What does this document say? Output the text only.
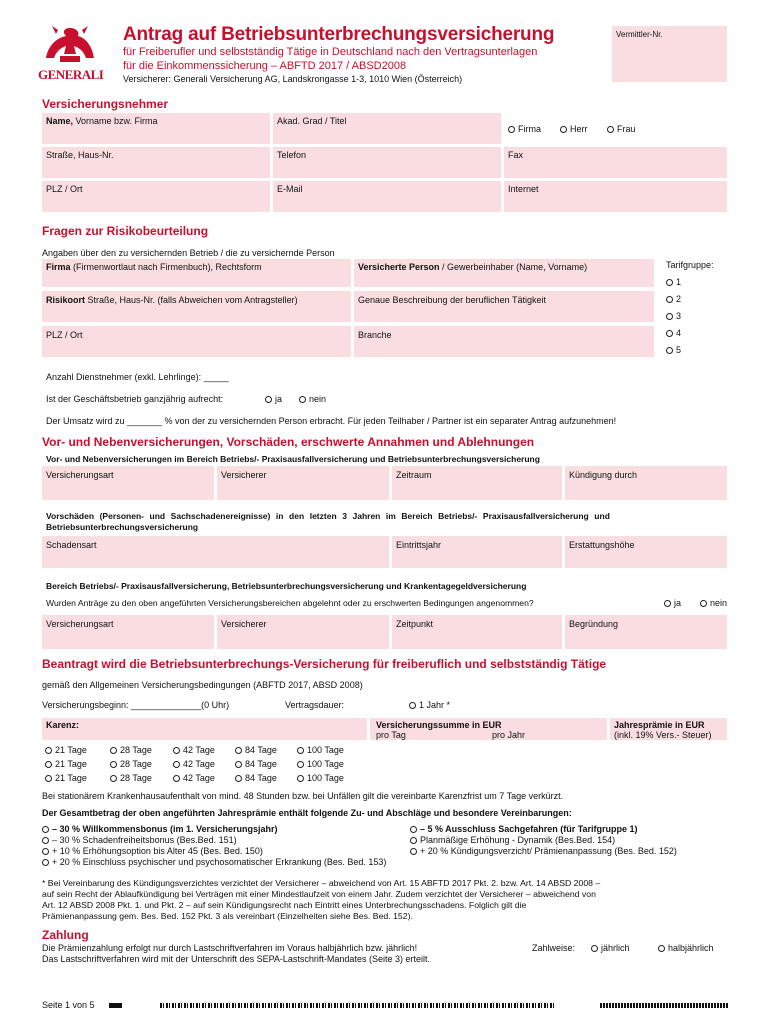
GENERALI
Antrag auf Betriebsunterbrechungsversicherung
für Freiberufler und selbstständig Tätige in Deutschland nach den Vertragsunterlagen
für die Einkommenssicherung – ABFTD 2017 / ABSD2008
Versicherer: Generali Versicherung AG, Landskrongasse 1-3, 1010 Wien (Österreich)
Vermittler-Nr.
Versicherungsnehmer
Name, Vorname bzw. Firma	Akad. Grad / Titel
Firma	Herr	Frau
Straße, Haus-Nr.	Telefon	Fax
PLZ / Ort	E-Mail	Internet
Fragen zur Risikobeurteilung
Angaben über den zu versichernden Betrieb / die zu versichernde Person
Firma (Firmenwortlaut nach Firmenbuch), Rechtsform	Versicherte Person / Gewerbeinhaber (Name, Vorname)	Tarifgruppe:
1
2
3
4
5
Risikoort Straße, Haus-Nr. (falls Abweichen vom Antragsteller)	Genaue Beschreibung der beruflichen Tätigkeit
PLZ / Ort	Branche
Anzahl Dienstnehmer (exkl. Lehrlinge): _____
Ist der Geschäftsbetrieb ganzjährig aufrecht:	ja	nein
Der Umsatz wird zu _______ % von der zu versichernden Person erbracht. Für jeden Teilhaber / Partner ist ein separater Antrag aufzunehmen!
Vor- und Nebenversicherungen, Vorschäden, erschwerte Annahmen und Ablehnungen
Vor- und Nebenversicherungen im Bereich Betriebs/- Praxisausfallversicherung und Betriebsunterbrechungsversicherung
Versicherungsart	Versicherer	Zeitraum	Kündigung durch
Vorschäden (Personen- und Sachschadenereignisse) in den letzten 3 Jahren im Bereich Betriebs/- Praxisausfallversicherung und
Betriebsunterbrechungsversicherung
Schadensart	Eintrittsjahr	Erstattungshöhe
Bereich Betriebs/- Praxisausfallversicherung, Betriebsunterbrechungsversicherung und Krankentagegeldversicherung
Wurden Anträge zu den oben angeführten Versicherungsbereichen abgelehnt oder zu erschwerten Bedingungen angenommen?	ja	nein
Versicherungsart	Versicherer	Zeitpunkt	Begründung
Beantragt wird die Betriebsunterbrechungs-Versicherung für freiberuflich und selbstständig Tätige
gemäß den Allgemeinen Versicherungsbedingungen (ABFTD 2017, ABSD 2008)
Versicherungsbeginn: ______________(0 Uhr)	Vertragsdauer:	1 Jahr *
Karenz:	Versicherungssumme in EUR
pro Tag	pro Jahr
Jahresprämie in EUR
(inkl. 19% Vers.- Steuer)
21 Tage	28 Tage	42 Tage	84 Tage	100 Tage
21 Tage	28 Tage	42 Tage	84 Tage	100 Tage
21 Tage	28 Tage	42 Tage	84 Tage	100 Tage
Bei stationärem Krankenhausaufenthalt von mind. 48 Stunden bzw. bei Unfällen gilt die vereinbarte Karenzfrist um 7 Tage verkürzt.
Der Gesamtbetrag der oben angeführten Jahresprämie enthält folgende Zu- und Abschläge und besondere Vereinbarungen:
– 30 % Willkommensbonus (im 1. Versicherungsjahr)
– 30 % Schadenfreiheitsbonus (Bes.Bed. 151)
+ 10 % Erhöhungsoption bis Alter 45 (Bes. Bed. 150)
+ 20 % Einschluss psychischer und psychosomatischer Erkrankung (Bes. Bed. 153)
– 5 % Ausschluss Sachgefahren (für Tarifgruppe 1)
Planmäßige Erhöhung - Dynamik (Bes.Bed. 154)
+ 20 % Kündigungsverzicht/ Prämienanpassung (Bes. Bed. 152)
* Bei Vereinbarung des Kündigungsverzichtes verzichtet der Versicherer – abweichend von Art. 15 ABFTD 2017 Pkt. 2. bzw. Art. 14 ABSD 2008 –
auf sein Recht der Ablaufkündigung bei Verträgen mit einer Mindestlaufzeit von einem Jahr. Zudem verzichtet der Versicherer – abweichend von
Art. 12 ABSD 2008 Pkt. 1. und Pkt. 2 – auf sein Kündigungsrecht nach Eintritt eines Unterbrechungsschadens. Folglich gilt die
Prämienanpassung gem. Bes. Bed. 152 Pkt. 3 als vereinbart (Einzelheiten siehe Bes. Bed. 152).
Zahlung
Die Prämienzahlung erfolgt nur durch Lastschriftverfahren im Voraus halbjährlich bzw. jährlich!
Das Lastschriftverfahren wird mit der Unterschrift des SEPA-Lastschrift-Mandates (Seite 3) erteilt.
Zahlweise:	jährlich	halbjährlich
Seite 1 von 5
